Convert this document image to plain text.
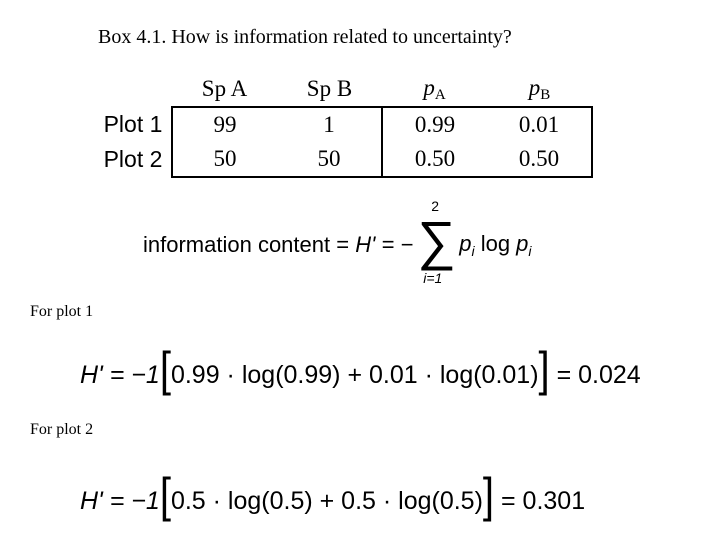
Box 4.1. How is information related to uncertainty?
	Sp A	Sp B	$p_A$	$p_B$
Plot 1	99	1	0.99	0.01
Plot 2	50	50	0.50	0.50
information content = H' = −
2
∑
i=1
$p_i$ $\log p_i$
For plot 1
H' = −1[0.99 · log(0.99) + 0.01 · log(0.01)] = 0.024
For plot 2
H' = −1[0.5 · log(0.5) + 0.5 · log(0.5)] = 0.301
